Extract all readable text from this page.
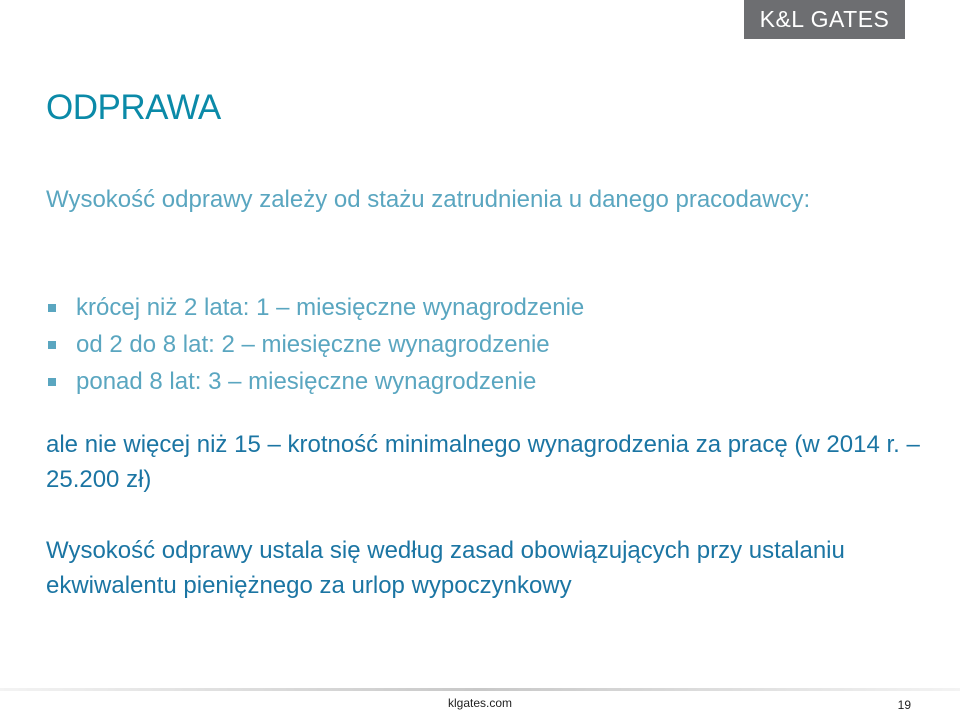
K&L GATES
ODPRAWA
Wysokość odprawy zależy od stażu zatrudnienia u danego pracodawcy:
krócej niż 2 lata: 1 – miesięczne wynagrodzenie
od 2 do 8 lat: 2 – miesięczne wynagrodzenie
ponad 8 lat: 3 – miesięczne wynagrodzenie
ale nie więcej niż 15 – krotność minimalnego wynagrodzenia za pracę (w 2014 r. – 25.200 zł)
Wysokość odprawy ustala się według zasad obowiązujących przy ustalaniu ekwiwalentu pieniężnego za urlop wypoczynkowy
klgates.com	19
